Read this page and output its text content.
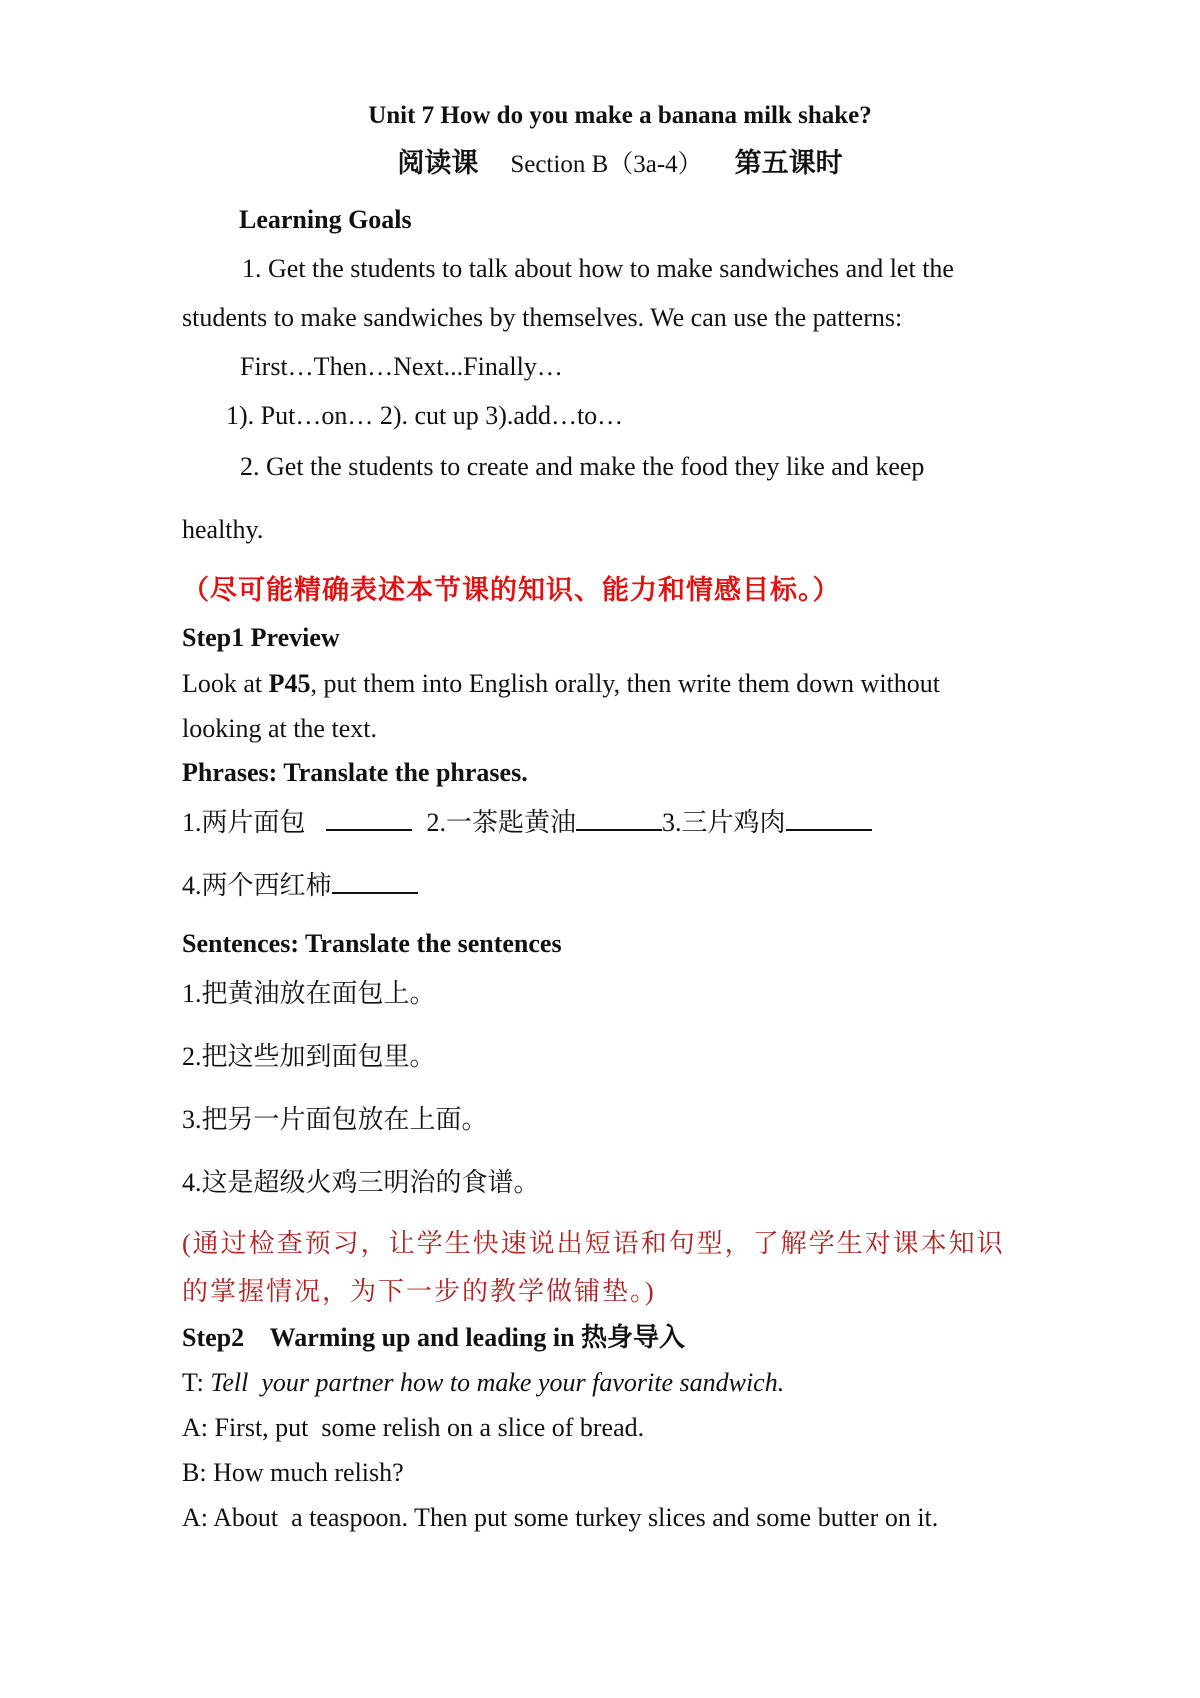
Unit 7 How do you make a banana milk shake?
阅读课 Section B（3a-4） 第五课时
Learning Goals
1. Get the students to talk about how to make sandwiches and let the
students to make sandwiches by themselves. We can use the patterns:
First…Then…Next...Finally…
1). Put…on… 2). cut up 3).add…to…
2. Get the students to create and make the food they like and keep
healthy.
（尽可能精确表述本节课的知识、能力和情感目标。）
Step1 Preview
Look at P45, put them into English orally, then write them down without
looking at the text.
Phrases: Translate the phrases.
1.两片面包	2.一茶匙黄油	3.三片鸡肉
4.两个西红柿
Sentences: Translate the sentences
1.把黄油放在面包上。
2.把这些加到面包里。
3.把另一片面包放在上面。
4.这是超级火鸡三明治的食谱。
(通过检查预习，让学生快速说出短语和句型，了解学生对课本知识
的掌握情况，为下一步的教学做铺垫。)
Step2    Warming up and leading in 热身导入
T: Tell  your partner how to make your favorite sandwich.
A: First, put  some relish on a slice of bread.
B: How much relish?
A: About  a teaspoon. Then put some turkey slices and some butter on it.
